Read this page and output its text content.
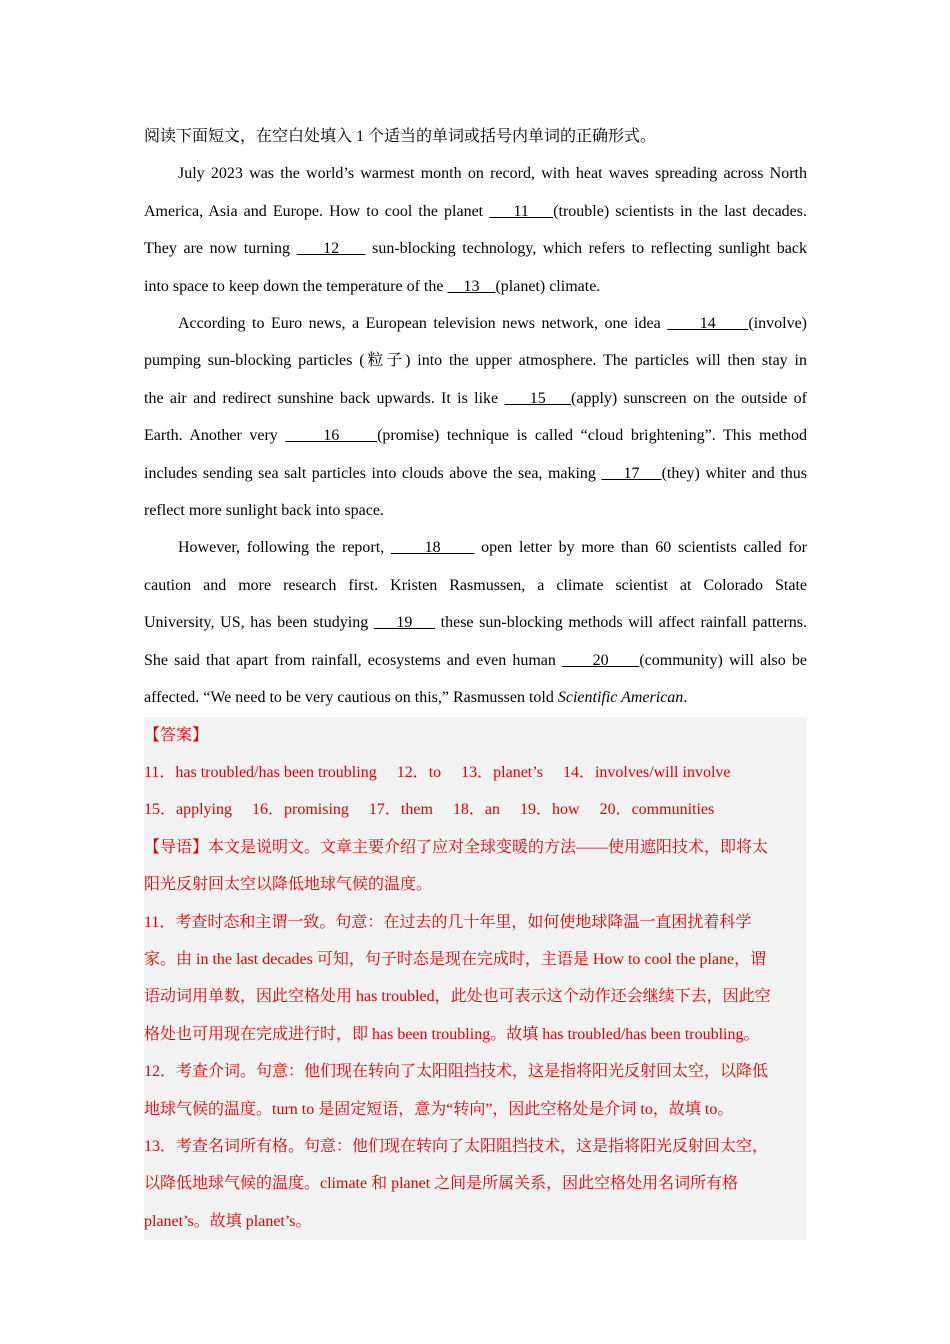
阅读下面短文，在空白处填入 1 个适当的单词或括号内单词的正确形式。
July 2023 was the world’s warmest month on record, with heat waves spreading across North
America, Asia and Europe. How to cool the planet     11    (trouble) scientists in the last decades.
They are now turning     12     sun-blocking technology, which refers to reflecting sunlight back
into space to keep down the temperature of the     13    (planet) climate.
According to Euro news, a European television news network, one idea      14     (involve)
pumping sun-blocking particles (粒子) into the upper atmosphere. The particles will then stay in
the air and redirect sunshine back upwards. It is like     15    (apply) sunscreen on the outside of
Earth. Another very      16     (promise) technique is called “cloud brightening”. This method
includes sending sea salt particles into clouds above the sea, making     17    (they) whiter and thus
reflect more sunlight back into space.
However, following the report,      18      open letter by more than 60 scientists called for
caution and more research first. Kristen Rasmussen, a climate scientist at Colorado State
University, US, has been studying     19     these sun-blocking methods will affect rainfall patterns.
She said that apart from rainfall, ecosystems and even human      20     (community) will also be
affected. “We need to be very cautious on this,” Rasmussen told Scientific American.
【答案】
11．has troubled/has been troubling 12．to 13．planet’s 14．involves/will involve
15．applying 16．promising 17．them 18．an 19．how 20．communities
【导语】本文是说明文。文章主要介绍了应对全球变暖的方法——使用遮阳技术，即将太
阳光反射回太空以降低地球气候的温度。
11．考查时态和主谓一致。句意：在过去的几十年里，如何使地球降温一直困扰着科学
家。由 in the last decades 可知，句子时态是现在完成时，主语是 How to cool the plane，谓
语动词用单数，因此空格处用 has troubled，此处也可表示这个动作还会继续下去，因此空
格处也可用现在完成进行时，即 has been troubling。故填 has troubled/has been troubling。
12．考查介词。句意：他们现在转向了太阳阻挡技术，这是指将阳光反射回太空，以降低
地球气候的温度。turn to 是固定短语，意为“转向”，因此空格处是介词 to，故填 to。
13．考查名词所有格。句意：他们现在转向了太阳阻挡技术，这是指将阳光反射回太空，
以降低地球气候的温度。climate 和 planet 之间是所属关系，因此空格处用名词所有格
planet’s。故填 planet’s。
